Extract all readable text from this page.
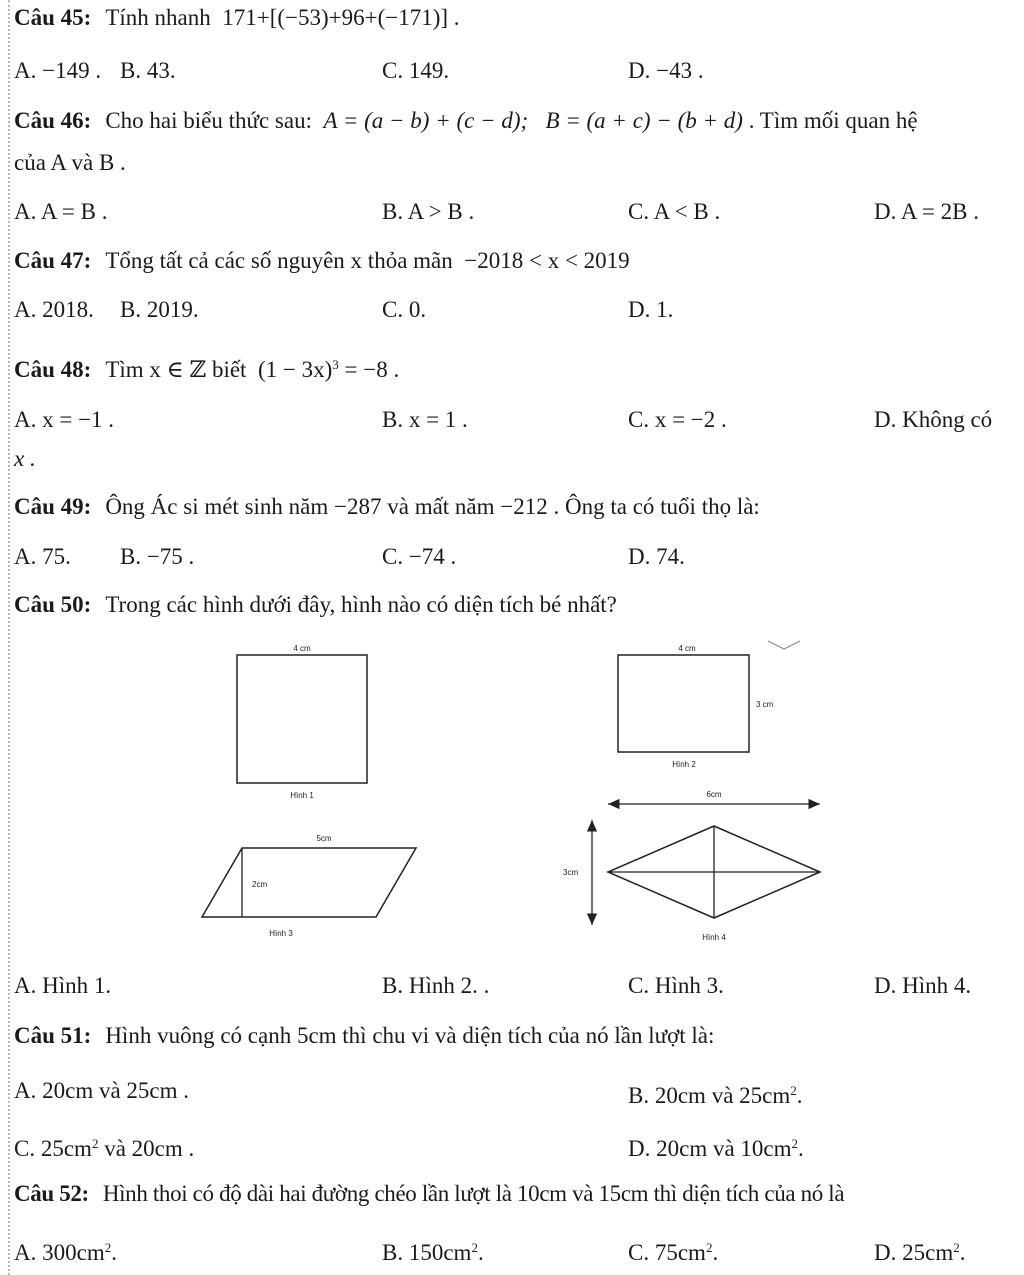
Câu 45: Tính nhanh 171+[(−53)+96+(−171)] .
A. −149 . B. 43.	C. 149.	D. −43 .
Câu 46: Cho hai biểu thức sau: A = (a − b) + (c − d); B = (a + c) − (b + d) . Tìm mối quan hệ
của A và B .
A. A = B .	B. A > B .	C. A < B .	D. A = 2B .
Câu 47: Tổng tất cả các số nguyên x thỏa mãn −2018 < x < 2019
A. 2018. B. 2019.	C. 0.	D. 1.
Câu 48: Tìm x ∈ ℤ biết $(1 - 3x)^3 = -8$ .
A. x = −1 .	B. x = 1 .	C. x = −2 .	D. Không có
x .
Câu 49: Ông Ác si mét sinh năm −287 và mất năm −212 . Ông ta có tuổi thọ là:
A. 75. B. −75 .	C. −74 .	D. 74.
Câu 50: Trong các hình dưới đây, hình nào có diện tích bé nhất?
4 cm
Hình 1
4 cm
3 cm
Hình 2
5cm
2cm
Hình 3
6cm
3cm
Hình 4
A. Hình 1.	B. Hình 2. .	C. Hình 3.	D. Hình 4.
Câu 51: Hình vuông có cạnh 5cm thì chu vi và diện tích của nó lần lượt là:
A. 20cm và 25cm .	B. 20cm và $25cm^2$.
C. $25cm^2$ và 20cm .	D. 20cm và $10cm^2$.
Câu 52: Hình thoi có độ dài hai đường chéo lần lượt là 10cm và 15cm thì diện tích của nó là
A. $300cm^2$.	B. $150cm^2$.	C. $75cm^2$.	D. $25cm^2$.
